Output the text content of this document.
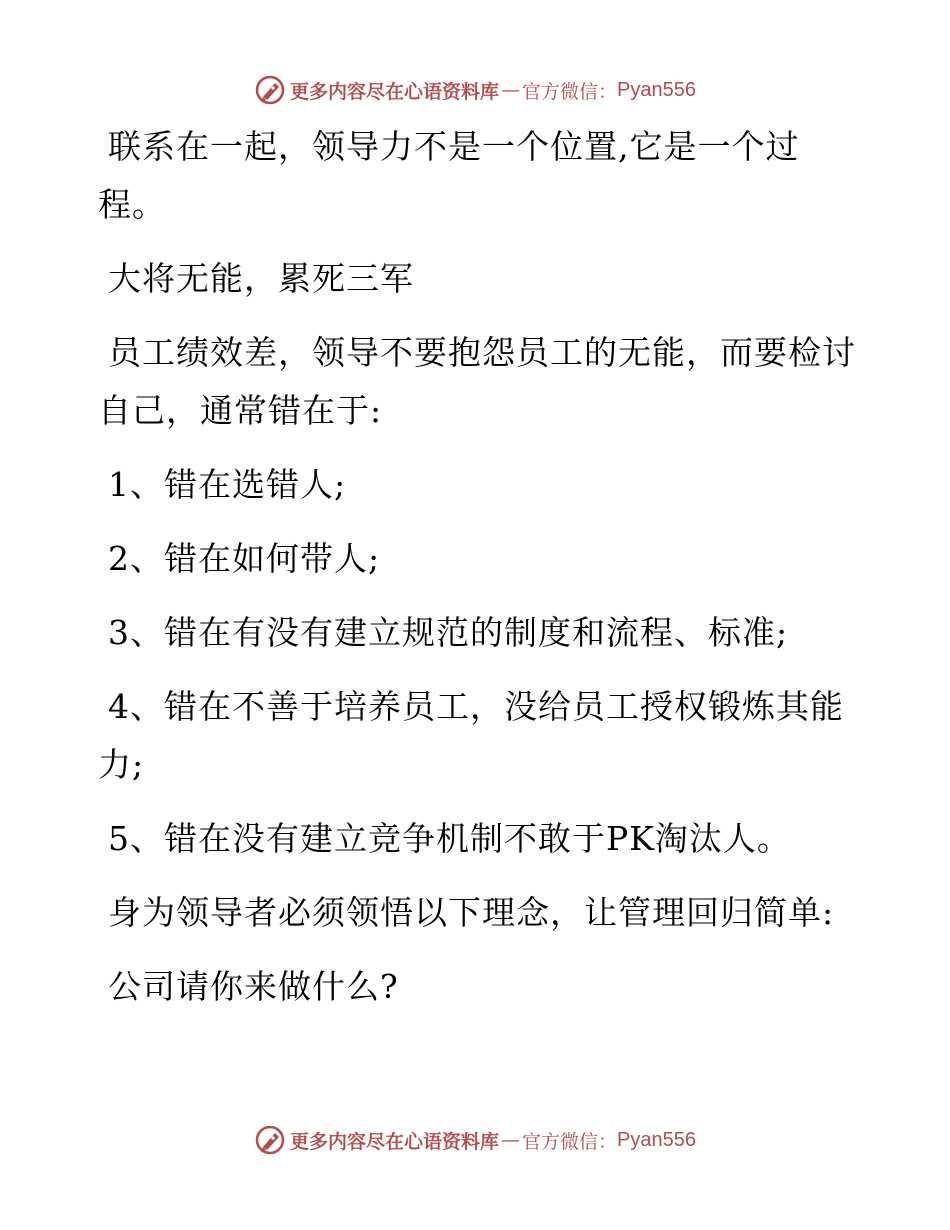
更多内容尽在心语资料库 — 官方微信： Pyan556

联系在一起，领导力不是一个位置,它是一个过程。

大将无能，累死三军

员工绩效差，领导不要抱怨员工的无能，而要检讨自己，通常错在于:

1、错在选错人;

2、错在如何带人;

3、错在有没有建立规范的制度和流程、标准;

4、错在不善于培养员工，没给员工授权锻炼其能力;

5、错在没有建立竞争机制不敢于PK淘汰人。

身为领导者必须领悟以下理念，让管理回归简单:

公司请你来做什么?

更多内容尽在心语资料库 — 官方微信： Pyan556
